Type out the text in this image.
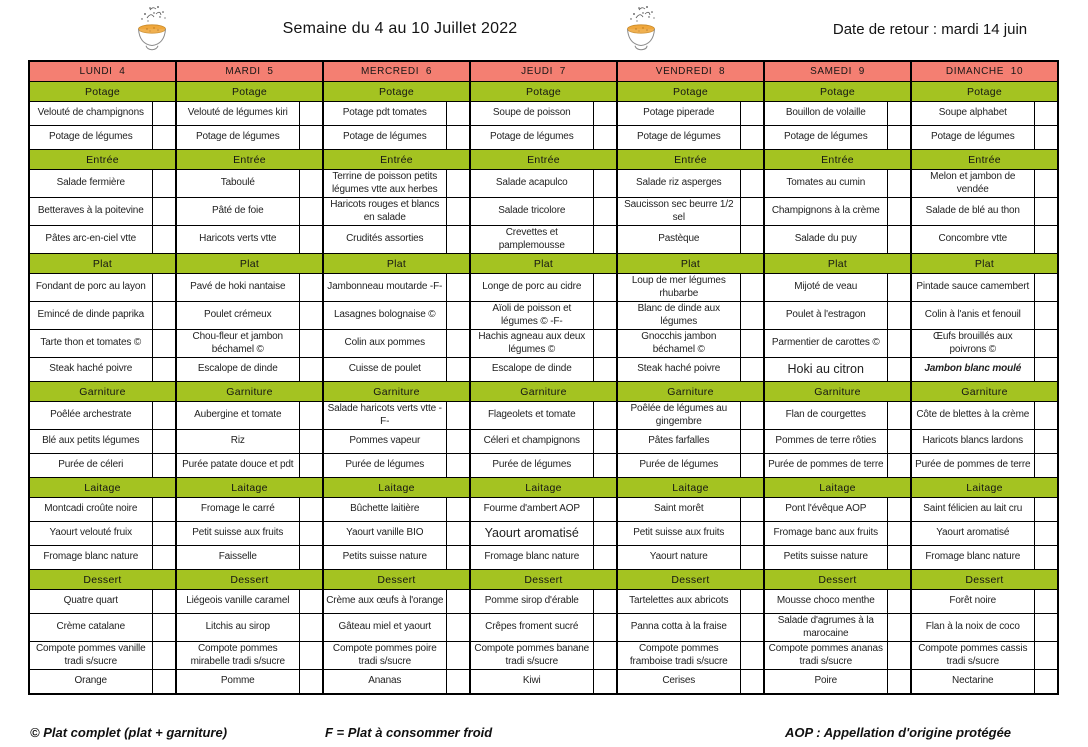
Semaine du 4 au 10 Juillet 2022	Date de retour : mardi 14 juin
LUNDI  4		MARDI  5		MERCREDI  6		JEUDI  7		VENDREDI  8		SAMEDI  9		DIMANCHE  10	
Potage		Potage		Potage		Potage		Potage		Potage		Potage	
Velouté de champignons		Velouté de légumes kiri		Potage pdt tomates		Soupe de poisson		Potage piperade		Bouillon de volaille		Soupe alphabet	
Potage de légumes		Potage de légumes		Potage de légumes		Potage de légumes		Potage de légumes		Potage de légumes		Potage de légumes	
Entrée		Entrée		Entrée		Entrée		Entrée		Entrée		Entrée	
Salade fermière		Taboulé		Terrine de poisson petits légumes vtte aux herbes		Salade acapulco		Salade riz asperges		Tomates au cumin		Melon et jambon de vendée	
Betteraves à la poitevine		Pâté de foie		Haricots rouges et blancs en salade		Salade tricolore		Saucisson sec beurre 1/2 sel		Champignons à la crème		Salade de blé au thon	
Pâtes arc-en-ciel vtte		Haricots verts vtte		Crudités assorties		Crevettes et pamplemousse		Pastèque		Salade du puy		Concombre vtte	
Plat		Plat		Plat		Plat		Plat		Plat		Plat	
Fondant de porc au layon		Pavé de hoki nantaise		Jambonneau moutarde -F-		Longe de porc au cidre		Loup de mer légumes rhubarbe		Mijoté de veau		Pintade sauce camembert	
Emincé de dinde paprika		Poulet crémeux		Lasagnes bolognaise ©		Aïoli de poisson et légumes © -F-		Blanc de dinde aux légumes		Poulet à l'estragon		Colin à l'anis et fenouil	
Tarte thon et tomates ©		Chou-fleur et jambon béchamel ©		Colin aux pommes		Hachis agneau aux deux légumes ©		Gnocchis jambon béchamel ©		Parmentier de carottes ©		Œufs brouillés aux poivrons ©	
Steak haché poivre		Escalope de dinde		Cuisse de poulet		Escalope de dinde		Steak haché poivre		Hoki au citron		Jambon blanc moulé	
Garniture		Garniture		Garniture		Garniture		Garniture		Garniture		Garniture	
Poêlée archestrate		Aubergine et tomate		Salade haricots verts vtte -F-		Flageolets et tomate		Poêlée de légumes au gingembre		Flan de courgettes		Côte de blettes à la crème	
Blé aux petits légumes		Riz		Pommes vapeur		Céleri et champignons		Pâtes farfalles		Pommes de terre rôties		Haricots blancs lardons	
Purée de céleri		Purée patate douce et pdt		Purée de légumes		Purée de légumes		Purée de légumes		Purée de pommes de terre		Purée de pommes de terre	
Laitage		Laitage		Laitage		Laitage		Laitage		Laitage		Laitage	
Montcadi croûte noire		Fromage le carré		Bûchette laitière		Fourme d'ambert AOP		Saint morêt		Pont l'évêque AOP		Saint félicien au lait cru	
Yaourt velouté fruix		Petit suisse aux fruits		Yaourt vanille BIO		Yaourt aromatisé		Petit suisse aux fruits		Fromage banc aux fruits		Yaourt aromatisé	
Fromage blanc nature		Faisselle		Petits suisse nature		Fromage blanc nature		Yaourt nature		Petits suisse nature		Fromage blanc nature	
Dessert		Dessert		Dessert		Dessert		Dessert		Dessert		Dessert	
Quatre quart		Liégeois vanille caramel		Crème aux œufs à l'orange		Pomme sirop d'érable		Tartelettes aux abricots		Mousse choco menthe		Forêt noire	
Crème catalane		Litchis au sirop		Gâteau miel et yaourt		Crêpes froment sucré		Panna cotta à la fraise		Salade d'agrumes à la marocaine		Flan à la noix de coco	
Compote pommes vanille tradi s/sucre		Compote pommes mirabelle tradi s/sucre		Compote pommes poire tradi s/sucre		Compote pommes banane tradi s/sucre		Compote pommes framboise tradi s/sucre		Compote pommes ananas tradi s/sucre		Compote pommes cassis tradi s/sucre	
Orange		Pomme		Ananas		Kiwi		Cerises		Poire		Nectarine	
© Plat complet (plat + garniture)	F = Plat à consommer froid	AOP : Appellation d'origine protégée
